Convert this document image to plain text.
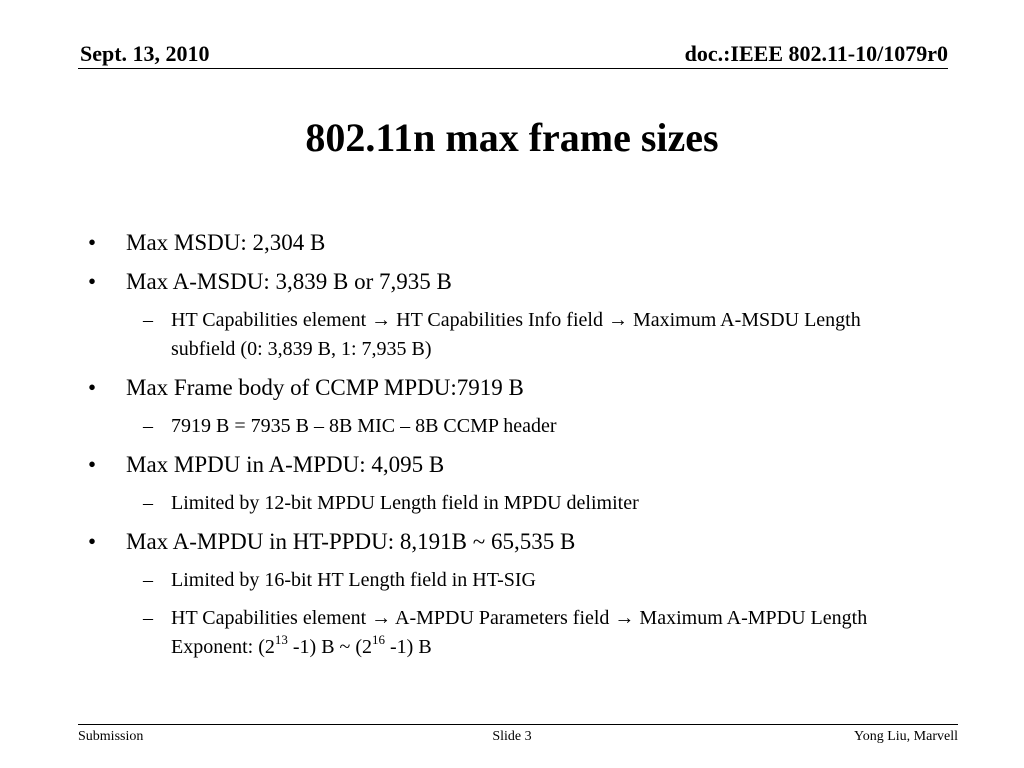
Sept. 13, 2010	doc.:IEEE 802.11-10/1079r0
802.11n max frame sizes
• Max MSDU: 2,304 B
• Max A-MSDU: 3,839 B or 7,935 B
– HT Capabilities element → HT Capabilities Info field → Maximum A-MSDU Length subfield (0: 3,839 B, 1: 7,935 B)
• Max Frame body of CCMP MPDU:7919 B
– 7919 B = 7935 B – 8B MIC – 8B CCMP header
• Max MPDU in A-MPDU: 4,095 B
– Limited by 12-bit MPDU Length field in MPDU delimiter
• Max A-MPDU in HT-PPDU: 8,191B ~ 65,535 B
– Limited by 16-bit HT Length field in HT-SIG
– HT Capabilities element → A-MPDU Parameters field → Maximum A-MPDU Length Exponent: ($2^{13}$ -1) B ~ ($2^{16}$ -1) B
Submission	Slide 3	Yong Liu, Marvell
